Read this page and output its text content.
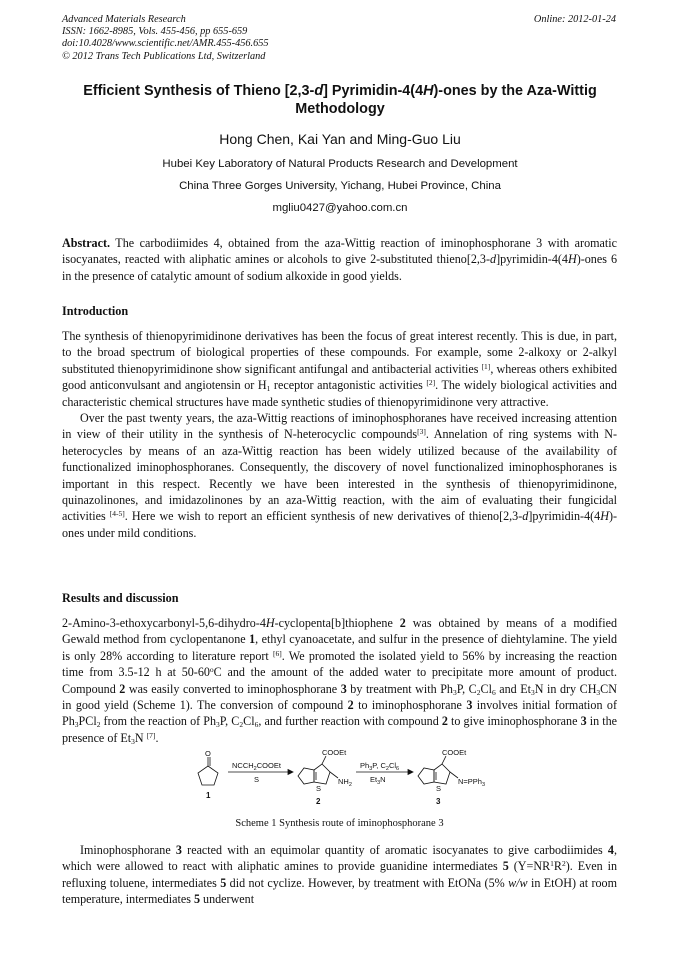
Advanced Materials Research
ISSN: 1662-8985, Vols. 455-456, pp 655-659
doi:10.4028/www.scientific.net/AMR.455-456.655
© 2012 Trans Tech Publications Ltd, Switzerland
Online: 2012-01-24
Efficient Synthesis of Thieno [2,3-d] Pyrimidin-4(4H)-ones by the Aza-Wittig Methodology
Hong Chen, Kai Yan and Ming-Guo Liu
Hubei Key Laboratory of Natural Products Research and Development
China Three Gorges University, Yichang, Hubei Province, China
mgliu0427@yahoo.com.cn

Abstract. The carbodiimides 4, obtained from the aza-Wittig reaction of iminophosphorane 3 with aromatic isocyanates, reacted with aliphatic amines or alcohols to give 2-substituted thieno[2,3-d]pyrimidin-4(4H)-ones 6 in the presence of catalytic amount of sodium alkoxide in good yields.

Introduction

The synthesis of thienopyrimidinone derivatives has been the focus of great interest recently. This is due, in part, to the broad spectrum of biological properties of these compounds. For example, some 2-alkoxy or 2-alkyl substituted thienopyrimidinone show significant antifungal and antibacterial activities [1], whereas others exhibited good anticonvulsant and angiotensin or $H_1$ receptor antagonistic activities [2]. The widely biological activities and characteristic chemical structures have made synthetic studies of thienopyrimidinone very attractive.

Over the past twenty years, the aza-Wittig reactions of iminophosphoranes have received increasing attention in view of their utility in the synthesis of N-heterocyclic compounds[3]. Annelation of ring systems with N-heterocycles by means of an aza-Wittig reaction has been widely utilized because of the availability of functionalized iminophosphoranes. Consequently, the discovery of novel functionalized iminophosphoranes is important in this respect. Recently we have been interested in the synthesis of thienopyrimidinone, quinazolinones, and imidazolinones by an aza-Wittig reaction, with the aim of evaluating their fungicidal activities [4-5]. Here we wish to report an efficient synthesis of new derivatives of thieno[2,3-d]pyrimidin-4(4H)-ones under mild conditions.

Results and discussion

2-Amino-3-ethoxycarbonyl-5,6-dihydro-4H-cyclopenta[b]thiophene 2 was obtained by means of a modified Gewald method from cyclopentanone 1, ethyl cyanoacetate, and sulfur in the presence of diehtylamine. The yield is only 28% according to literature report [6]. We promoted the isolated yield to 56% by increasing the reaction time from 3.5-12 h at 50-60$^o$C and the amount of the added water to precipitate more amount of product. Compound 2 was easily converted to iminophosphorane 3 by treatment with $Ph_3P$, $C_2Cl_6$ and $Et_3N$ in dry $CH_3CN$ in good yield (Scheme 1). The conversion of compound 2 to iminophosphorane 3 involves initial formation of $Ph_3PCl_2$ from the reaction of $Ph_3P$, $C_2Cl_6$, and further reaction with compound 2 to give iminophosphorane 3 in the presence of $Et_3N$ [7].

O
1
$NCCH_2COOEt$
S
COOEt
$NH_2$
S
2
$Ph_3P$, $C_2Cl_6$
$Et_3N$
COOEt
N=PPh$_3$
S
3
Scheme 1 Synthesis route of iminophosphorane 3

Iminophosphorane 3 reacted with an equimolar quantity of aromatic isocyanates to give carbodiimides 4, which were allowed to react with aliphatic amines to provide guanidine intermediates 5 $(Y=NR^1R^2)$. Even in refluxing toluene, intermediates 5 did not cyclize. However, by treatment with EtONa (5% w/w in EtOH) at room temperature, intermediates 5 underwent
